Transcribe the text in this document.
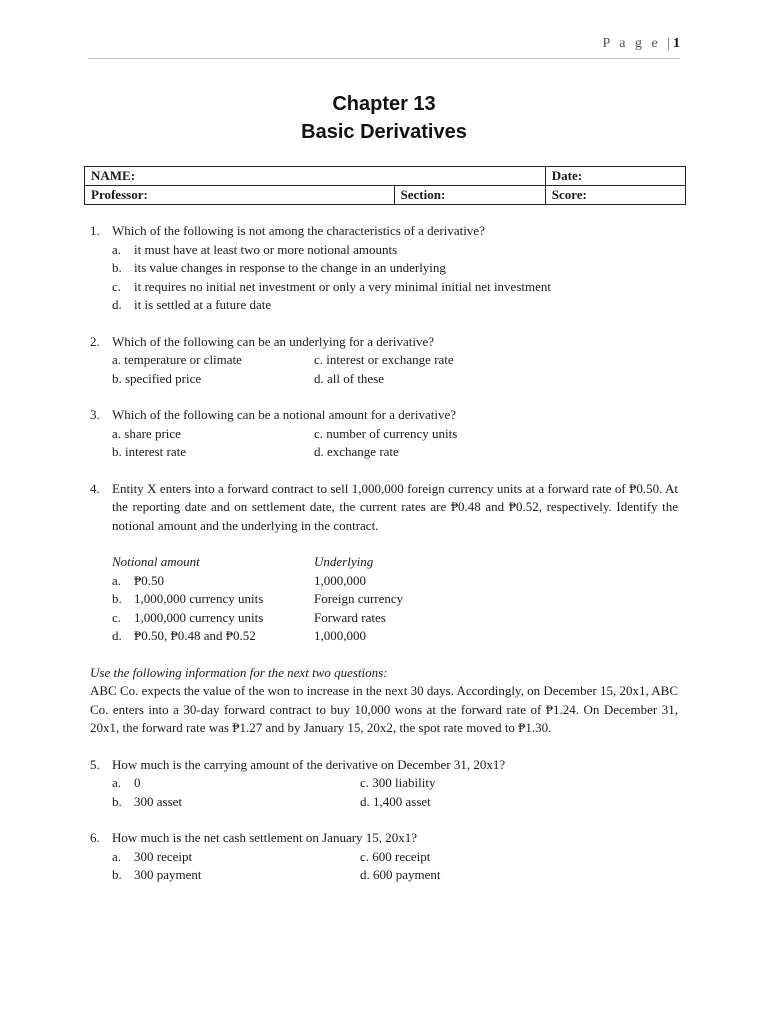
P a g e |1
Chapter 13
Basic Derivatives
NAME:		Date:
Professor:	Section:	Score:
1. Which of the following is not among the characteristics of a derivative?
a. it must have at least two or more notional amounts
b. its value changes in response to the change in an underlying
c. it requires no initial net investment or only a very minimal initial net investment
d. it is settled at a future date
2. Which of the following can be an underlying for a derivative?
a. temperature or climate	c. interest or exchange rate
b. specified price	d. all of these
3. Which of the following can be a notional amount for a derivative?
a. share price	c. number of currency units
b. interest rate	d. exchange rate
4. Entity X enters into a forward contract to sell 1,000,000 foreign currency units at a forward rate of ₱0.50. At the reporting date and on settlement date, the current rates are ₱0.48 and ₱0.52, respectively. Identify the notional amount and the underlying in the contract.
Notional amount	Underlying
a. ₱0.50	1,000,000
b. 1,000,000 currency units	Foreign currency
c. 1,000,000 currency units	Forward rates
d. ₱0.50, ₱0.48 and ₱0.52	1,000,000
Use the following information for the next two questions:
ABC Co. expects the value of the won to increase in the next 30 days. Accordingly, on December 15, 20x1, ABC Co. enters into a 30-day forward contract to buy 10,000 wons at the forward rate of ₱1.24. On December 31, 20x1, the forward rate was ₱1.27 and by January 15, 20x2, the spot rate moved to ₱1.30.
5. How much is the carrying amount of the derivative on December 31, 20x1?
a. 0	c. 300 liability
b. 300 asset	d. 1,400 asset
6. How much is the net cash settlement on January 15, 20x1?
a. 300 receipt	c. 600 receipt
b. 300 payment	d. 600 payment
